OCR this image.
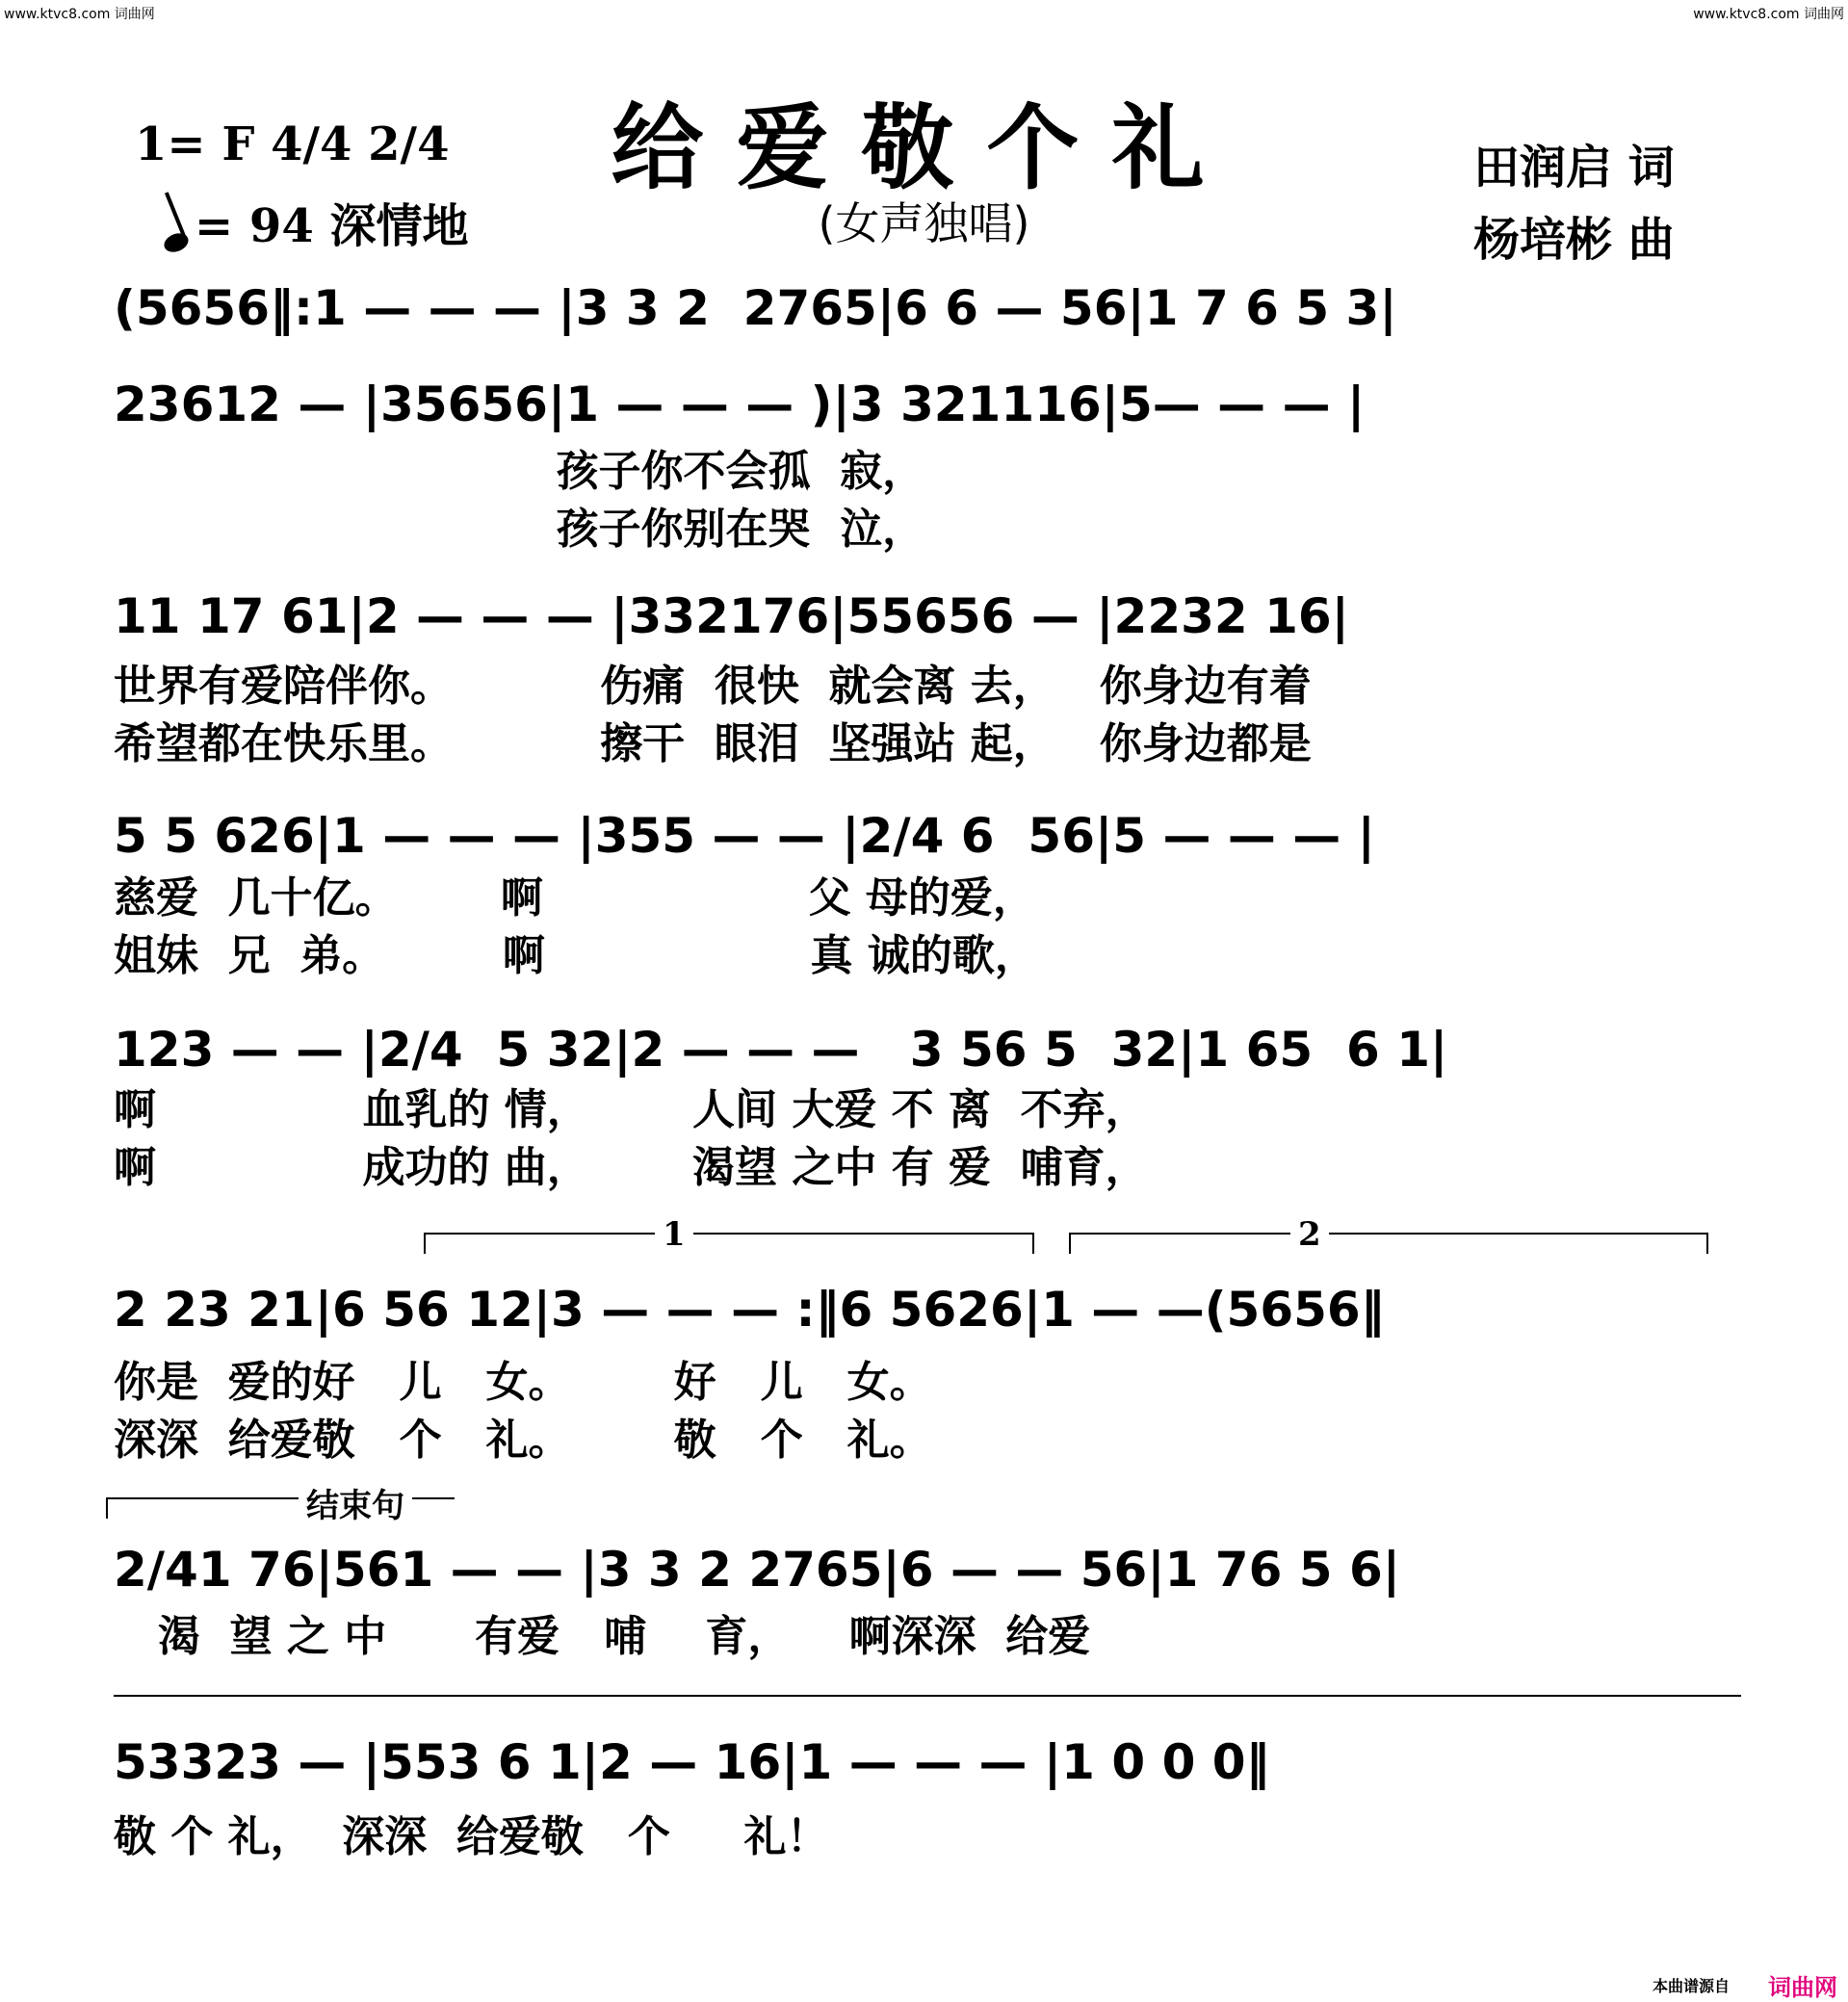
www.ktvc8.com 词曲网	www.ktvc8.com 词曲网
给爱敬个礼
(女声独唱)
1= F 4/4 2/4
= 94 深情地
田润启 词
杨培彬 曲
(5656‖:1 — — — |3 3 2  2765|6 6 — 56|1 7 6 5 3|
23612 — |35656|1 — — — )|3 321116|5— — — |
孩子你不会孤  寂，
孩子你别在哭  泣，
11 17 61|2 — — — |332176|55656 — |2232 16|
世界有爱陪伴你。          伤痛  很快  就会离 去，   你身边有着
希望都在快乐里。          擦干  眼泪  坚强站 起，   你身边都是
5 5 626|1 — — — |355 — — |2/4 6  56|5 — — — |
慈爱  几十亿。       啊                  父 母的爱，
姐妹  兄  弟。        啊                  真 诚的歌，
123 — — |2/4  5 32|2 — — —   3 56 5  32|1 65  6 1|
啊              血乳的 情，       人间 大爱 不 离  不弃，
啊              成功的 曲，       渴望 之中 有 爱  哺育，
1	2
2 23 21|6 56 12|3 — — — :‖6 5626|1 — —(5656‖
你是  爱的好   儿   女。       好   儿   女。
深深  给爱敬   个   礼。       敬   个   礼。
结束句
2/41 76|561 — — |3 3 2 2765|6 — — 56|1 76 5 6|
渴  望 之 中      有爱   哺    育，    啊深深  给爱
53323 — |553 6 1|2 — 16|1 — — — |1 0 0 0‖
敬 个 礼，  深深  给爱敬   个     礼！
本曲谱源自 词曲网
